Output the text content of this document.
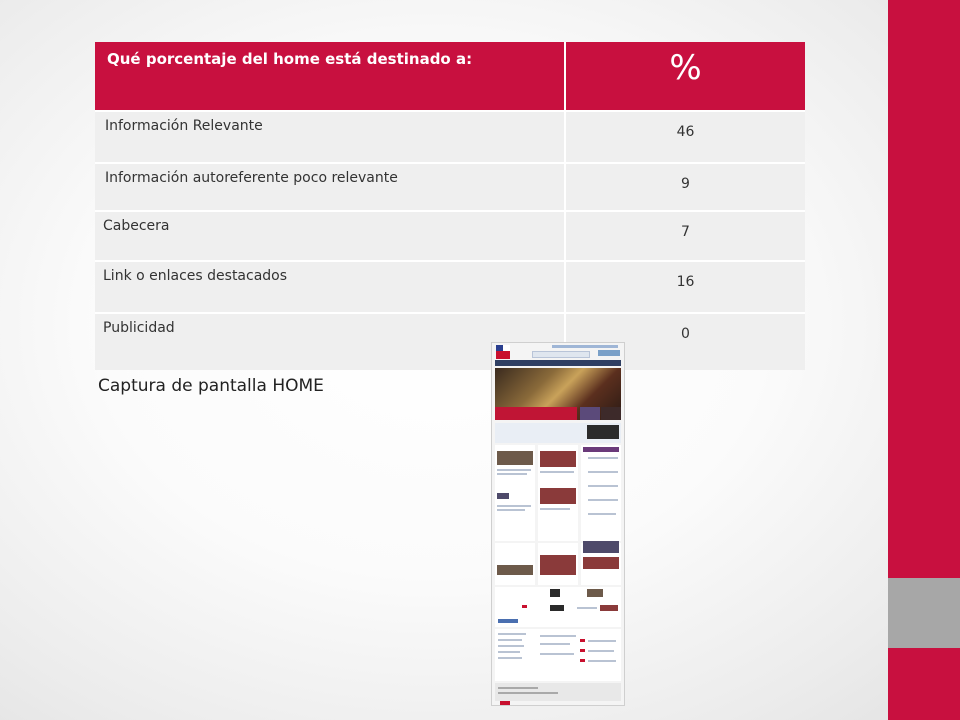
Qué porcentaje del home está destinado a:	%
Información Relevante	46
Información autoreferente poco relevante	9
Cabecera	7
Link o enlaces destacados	16
Publicidad	0
Captura de pantalla HOME
